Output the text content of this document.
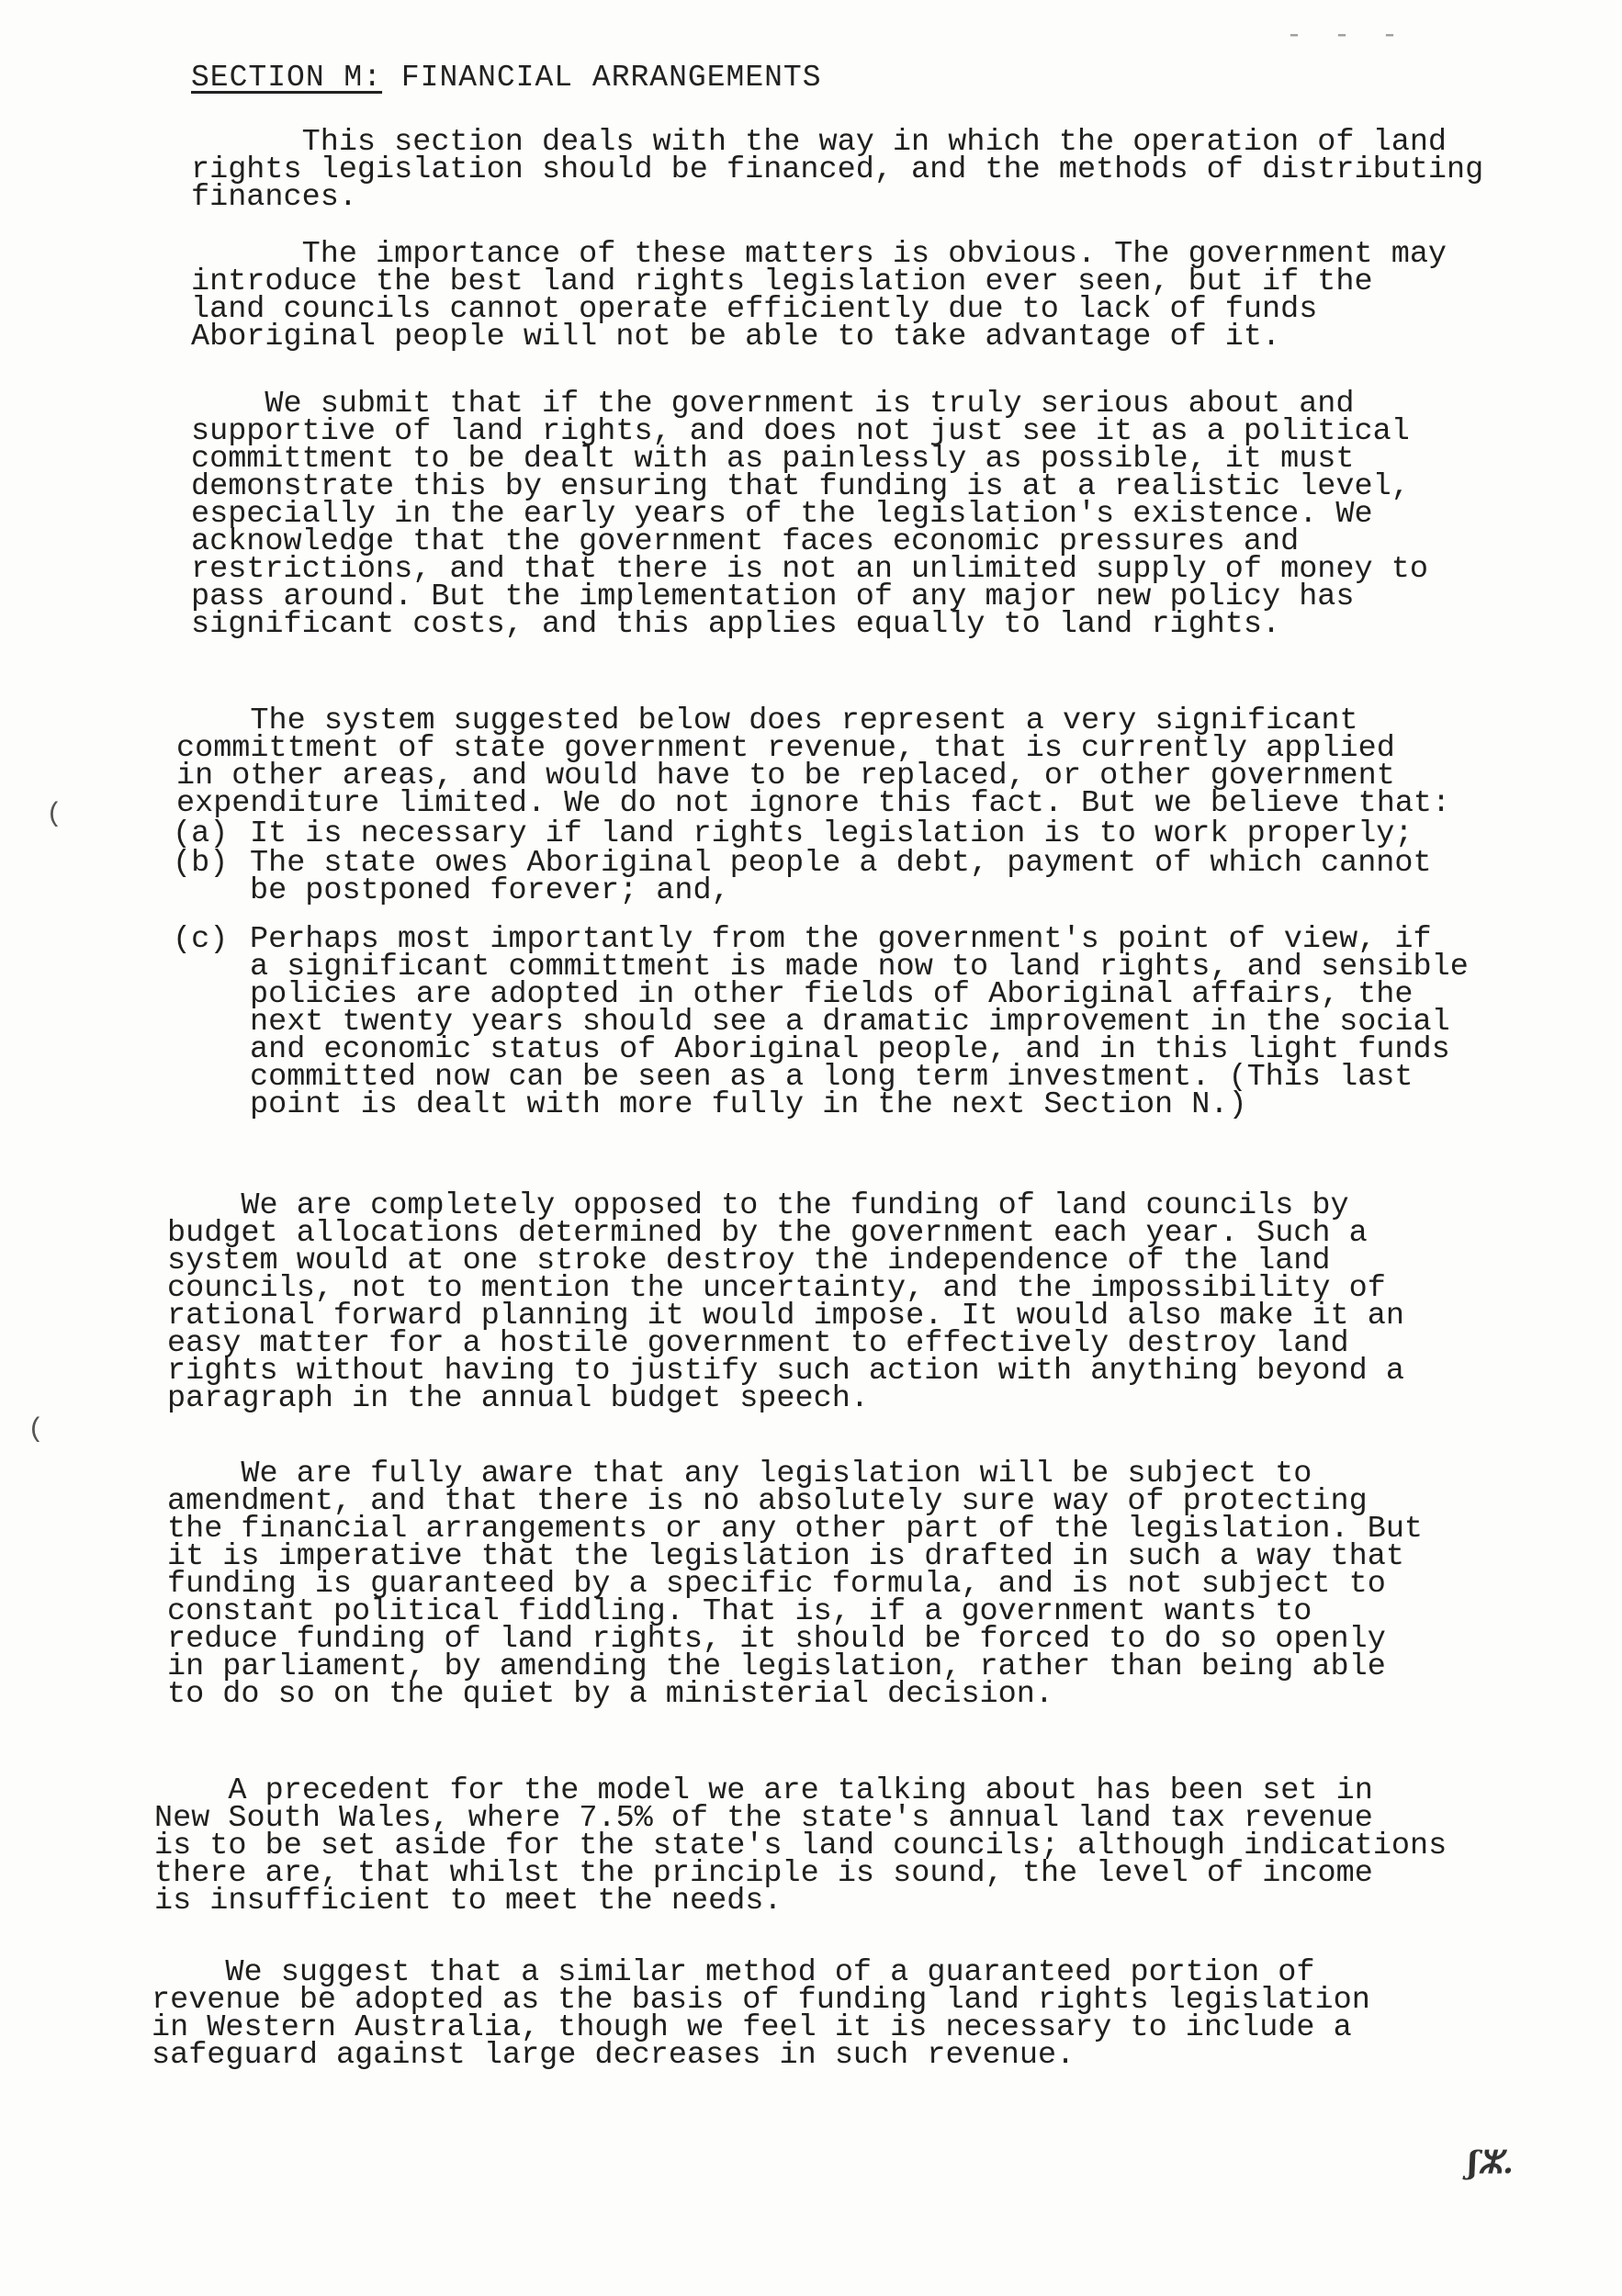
- - -
SECTION M: FINANCIAL ARRANGEMENTS
This section deals with the way in which the operation of land
rights legislation should be financed, and the methods of distributing
finances.
The importance of these matters is obvious. The government may
introduce the best land rights legislation ever seen, but if the
land councils cannot operate efficiently due to lack of funds
Aboriginal people will not be able to take advantage of it.
We submit that if the government is truly serious about and
supportive of land rights, and does not just see it as a political
committment to be dealt with as painlessly as possible, it must
demonstrate this by ensuring that funding is at a realistic level,
especially in the early years of the legislation's existence. We
acknowledge that the government faces economic pressures and
restrictions, and that there is not an unlimited supply of money to
pass around. But the implementation of any major new policy has
significant costs, and this applies equally to land rights.
The system suggested below does represent a very significant
committment of state government revenue, that is currently applied
in other areas, and would have to be replaced, or other government
expenditure limited. We do not ignore this fact. But we believe that:
(a) It is necessary if land rights legislation is to work properly;
(b) The state owes Aboriginal people a debt, payment of which cannot
be postponed forever; and,
(c) Perhaps most importantly from the government's point of view, if
a significant committment is made now to land rights, and sensible
policies are adopted in other fields of Aboriginal affairs, the
next twenty years should see a dramatic improvement in the social
and economic status of Aboriginal people, and in this light funds
committed now can be seen as a long term investment. (This last
point is dealt with more fully in the next Section N.)
We are completely opposed to the funding of land councils by
budget allocations determined by the government each year. Such a
system would at one stroke destroy the independence of the land
councils, not to mention the uncertainty, and the impossibility of
rational forward planning it would impose. It would also make it an
easy matter for a hostile government to effectively destroy land
rights without having to justify such action with anything beyond a
paragraph in the annual budget speech.
We are fully aware that any legislation will be subject to
amendment, and that there is no absolutely sure way of protecting
the financial arrangements or any other part of the legislation. But
it is imperative that the legislation is drafted in such a way that
funding is guaranteed by a specific formula, and is not subject to
constant political fiddling. That is, if a government wants to
reduce funding of land rights, it should be forced to do so openly
in parliament, by amending the legislation, rather than being able
to do so on the quiet by a ministerial decision.
A precedent for the model we are talking about has been set in
New South Wales, where 7.5% of the state's annual land tax revenue
is to be set aside for the state's land councils; although indications
there are, that whilst the principle is sound, the level of income
is insufficient to meet the needs.
We suggest that a similar method of a guaranteed portion of
revenue be adopted as the basis of funding land rights legislation
in Western Australia, though we feel it is necessary to include a
safeguard against large decreases in such revenue.
(
(
ʃⵣ.
